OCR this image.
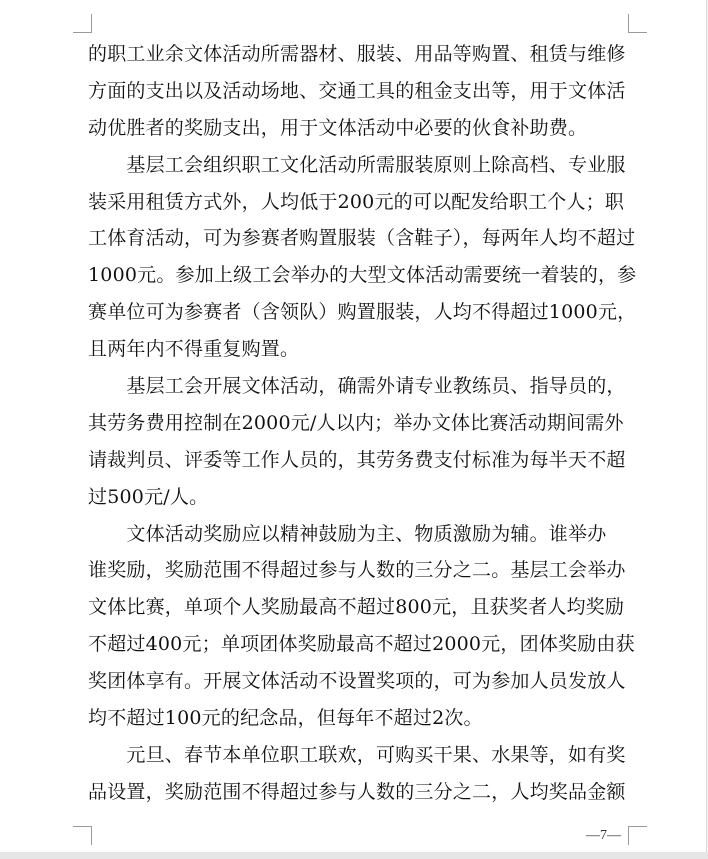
的职工业余文体活动所需器材、服装、用品等购置、租赁与维修
方面的支出以及活动场地、交通工具的租金支出等，用于文体活
动优胜者的奖励支出，用于文体活动中必要的伙食补助费。
　　基层工会组织职工文化活动所需服装原则上除高档、专业服
装采用租赁方式外，人均低于200元的可以配发给职工个人；职
工体育活动，可为参赛者购置服装（含鞋子），每两年人均不超过
1000元。参加上级工会举办的大型文体活动需要统一着装的，参
赛单位可为参赛者（含领队）购置服装，人均不得超过1000元，
且两年内不得重复购置。
　　基层工会开展文体活动，确需外请专业教练员、指导员的，
其劳务费用控制在2000元/人以内；举办文体比赛活动期间需外
请裁判员、评委等工作人员的，其劳务费支付标准为每半天不超
过500元/人。
　　文体活动奖励应以精神鼓励为主、物质激励为辅。谁举办
谁奖励，奖励范围不得超过参与人数的三分之二。基层工会举办
文体比赛，单项个人奖励最高不超过800元，且获奖者人均奖励
不超过400元；单项团体奖励最高不超过2000元，团体奖励由获
奖团体享有。开展文体活动不设置奖项的，可为参加人员发放人
均不超过100元的纪念品，但每年不超过2次。
　　元旦、春节本单位职工联欢，可购买干果、水果等，如有奖
品设置，奖励范围不得超过参与人数的三分之二，人均奖品金额
—7—
